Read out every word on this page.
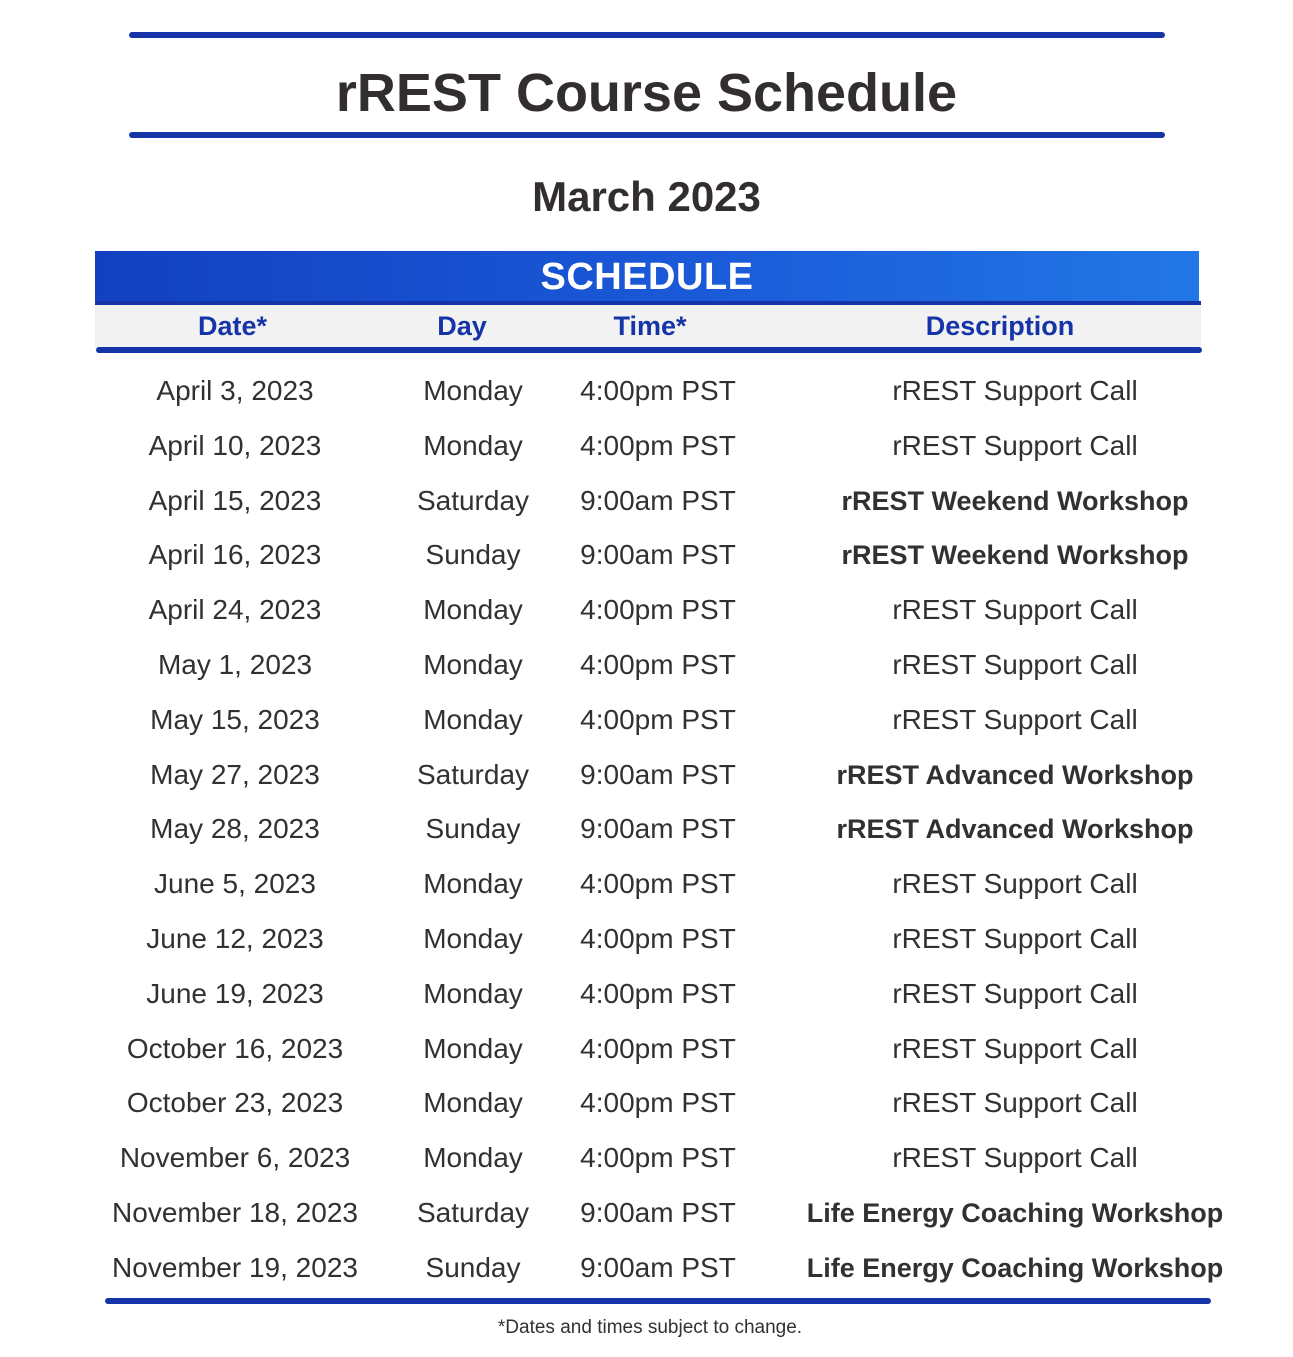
rREST Course Schedule
March 2023
SCHEDULE
Date*	Day	Time*	Description
April 3, 2023	Monday	4:00pm PST	rREST Support Call
April 10, 2023	Monday	4:00pm PST	rREST Support Call
April 15, 2023	Saturday	9:00am PST	rREST Weekend Workshop
April 16, 2023	Sunday	9:00am PST	rREST Weekend Workshop
April 24, 2023	Monday	4:00pm PST	rREST Support Call
May 1, 2023	Monday	4:00pm PST	rREST Support Call
May 15, 2023	Monday	4:00pm PST	rREST Support Call
May 27, 2023	Saturday	9:00am PST	rREST Advanced Workshop
May 28, 2023	Sunday	9:00am PST	rREST Advanced Workshop
June 5, 2023	Monday	4:00pm PST	rREST Support Call
June 12, 2023	Monday	4:00pm PST	rREST Support Call
June 19, 2023	Monday	4:00pm PST	rREST Support Call
October 16, 2023	Monday	4:00pm PST	rREST Support Call
October 23, 2023	Monday	4:00pm PST	rREST Support Call
November 6, 2023	Monday	4:00pm PST	rREST Support Call
November 18, 2023	Saturday	9:00am PST	Life Energy Coaching Workshop
November 19, 2023	Sunday	9:00am PST	Life Energy Coaching Workshop
*Dates and times subject to change.
